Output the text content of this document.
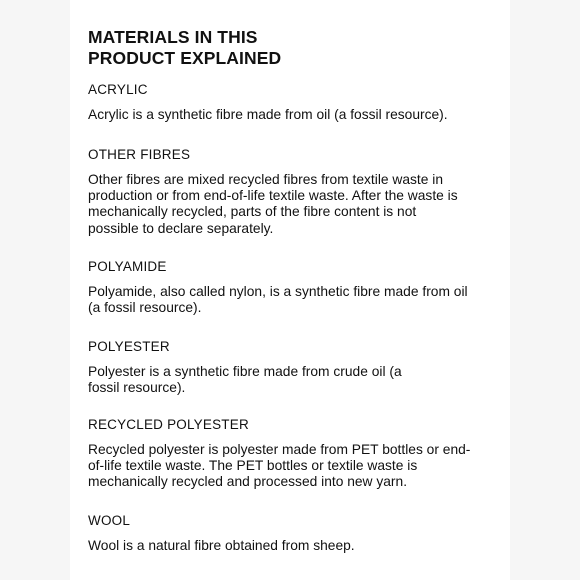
MATERIALS IN THIS
PRODUCT EXPLAINED
ACRYLIC

Acrylic is a synthetic fibre made from oil (a fossil resource).

OTHER FIBRES

Other fibres are mixed recycled fibres from textile waste in
production or from end-of-life textile waste. After the waste is
mechanically recycled, parts of the fibre content is not
possible to declare separately.

POLYAMIDE

Polyamide, also called nylon, is a synthetic fibre made from oil
(a fossil resource).

POLYESTER

Polyester is a synthetic fibre made from crude oil (a
fossil resource).

RECYCLED POLYESTER

Recycled polyester is polyester made from PET bottles or end-
of-life textile waste. The PET bottles or textile waste is
mechanically recycled and processed into new yarn.

WOOL

Wool is a natural fibre obtained from sheep.
